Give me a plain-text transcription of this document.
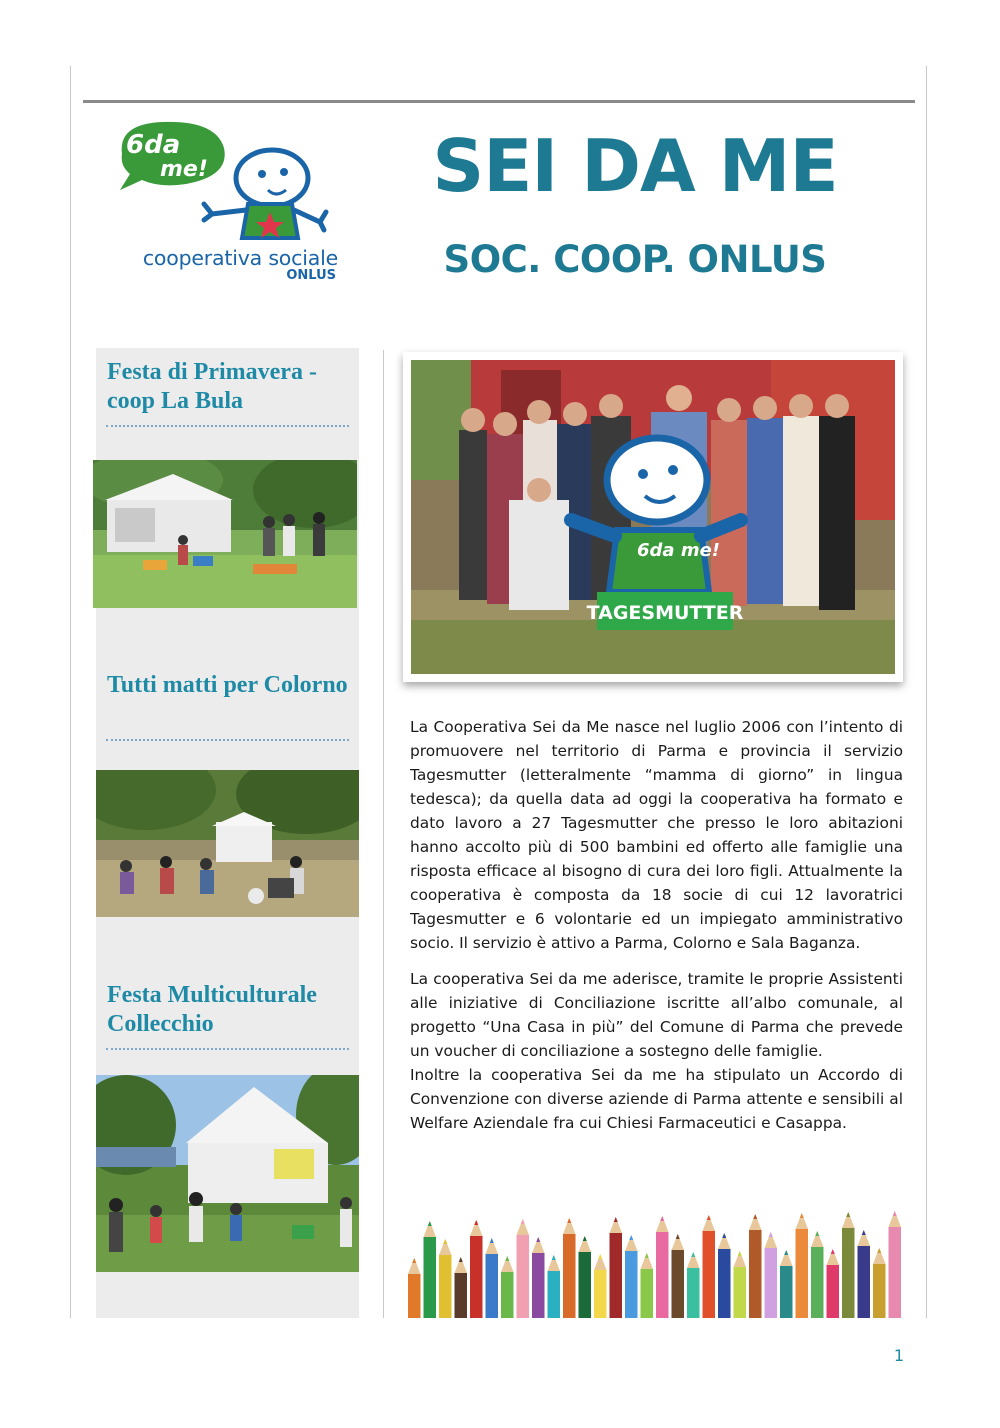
6da
me!
cooperativa sociale
ONLUS
SEI DA ME
SOC. COOP. ONLUS
Festa di Primavera - coop La Bula
Tutti matti per Colorno
Festa Multiculturale Collecchio
6da me!
TAGESMUTTER

La Cooperativa Sei da Me nasce nel luglio 2006 con l’intento di promuovere nel territorio di Parma e provincia il servizio Tagesmutter (letteralmente “mamma di giorno” in lingua tedesca); da quella data ad oggi la cooperativa ha formato e dato lavoro a 27 Tagesmutter che presso le loro abitazioni hanno accolto più di 500 bambini ed offerto alle famiglie una risposta efficace al bisogno di cura dei loro figli. Attualmente la cooperativa è composta da 18 socie di cui 12 lavoratrici Tagesmutter e 6 volontarie ed un impiegato amministrativo socio. Il servizio è attivo a Parma, Colorno e Sala Baganza.

La cooperativa Sei da me aderisce, tramite le proprie Assistenti alle iniziative di Conciliazione iscritte all’albo comunale, al progetto “Una Casa in più” del Comune di Parma che prevede un voucher di conciliazione a sostegno delle famiglie.

Inoltre la cooperativa Sei da me ha stipulato un Accordo di Convenzione con diverse aziende di Parma attente e sensibili al Welfare Aziendale fra cui Chiesi Farmaceutici e Casappa.

1
